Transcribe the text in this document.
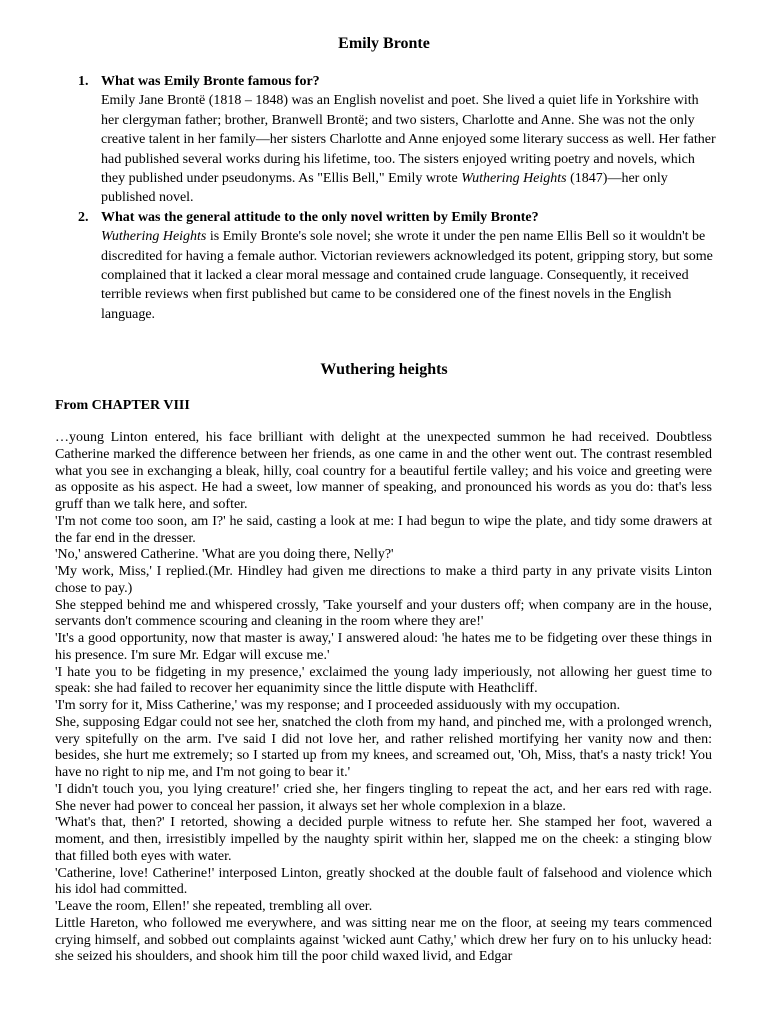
Emily Bronte
1. What was Emily Bronte famous for?
Emily Jane Brontë (1818 – 1848) was an English novelist and poet. She lived a quiet life in Yorkshire with her clergyman father; brother, Branwell Brontë; and two sisters, Charlotte and Anne. She was not the only creative talent in her family—her sisters Charlotte and Anne enjoyed some literary success as well. Her father had published several works during his lifetime, too. The sisters enjoyed writing poetry and novels, which they published under pseudonyms. As "Ellis Bell," Emily wrote Wuthering Heights (1847)—her only published novel.
2. What was the general attitude to the only novel written by Emily Bronte?
Wuthering Heights is Emily Bronte's sole novel; she wrote it under the pen name Ellis Bell so it wouldn't be discredited for having a female author. Victorian reviewers acknowledged its potent, gripping story, but some complained that it lacked a clear moral message and contained crude language. Consequently, it received terrible reviews when first published but came to be considered one of the finest novels in the English language.
Wuthering heights

From CHAPTER VIII

…young Linton entered, his face brilliant with delight at the unexpected summon he had received. Doubtless Catherine marked the difference between her friends, as one came in and the other went out. The contrast resembled what you see in exchanging a bleak, hilly, coal country for a beautiful fertile valley; and his voice and greeting were as opposite as his aspect. He had a sweet, low manner of speaking, and pronounced his words as you do: that's less gruff than we talk here, and softer.

'I'm not come too soon, am I?' he said, casting a look at me: I had begun to wipe the plate, and tidy some drawers at the far end in the dresser.

'No,' answered Catherine. 'What are you doing there, Nelly?'

'My work, Miss,' I replied.(Mr. Hindley had given me directions to make a third party in any private visits Linton chose to pay.)

She stepped behind me and whispered crossly, 'Take yourself and your dusters off; when company are in the house, servants don't commence scouring and cleaning in the room where they are!'

'It's a good opportunity, now that master is away,' I answered aloud: 'he hates me to be fidgeting over these things in his presence. I'm sure Mr. Edgar will excuse me.'

'I hate you to be fidgeting in my presence,' exclaimed the young lady imperiously, not allowing her guest time to speak: she had failed to recover her equanimity since the little dispute with Heathcliff.

'I'm sorry for it, Miss Catherine,' was my response; and I proceeded assiduously with my occupation.

She, supposing Edgar could not see her, snatched the cloth from my hand, and pinched me, with a prolonged wrench, very spitefully on the arm. I've said I did not love her, and rather relished mortifying her vanity now and then: besides, she hurt me extremely; so I started up from my knees, and screamed out, 'Oh, Miss, that's a nasty trick! You have no right to nip me, and I'm not going to bear it.'

'I didn't touch you, you lying creature!' cried she, her fingers tingling to repeat the act, and her ears red with rage. She never had power to conceal her passion, it always set her whole complexion in a blaze.

'What's that, then?' I retorted, showing a decided purple witness to refute her. She stamped her foot, wavered a moment, and then, irresistibly impelled by the naughty spirit within her, slapped me on the cheek: a stinging blow that filled both eyes with water.

'Catherine, love! Catherine!' interposed Linton, greatly shocked at the double fault of falsehood and violence which his idol had committed.

'Leave the room, Ellen!' she repeated, trembling all over.

Little Hareton, who followed me everywhere, and was sitting near me on the floor, at seeing my tears commenced crying himself, and sobbed out complaints against 'wicked aunt Cathy,' which drew her fury on to his unlucky head: she seized his shoulders, and shook him till the poor child waxed livid, and Edgar
